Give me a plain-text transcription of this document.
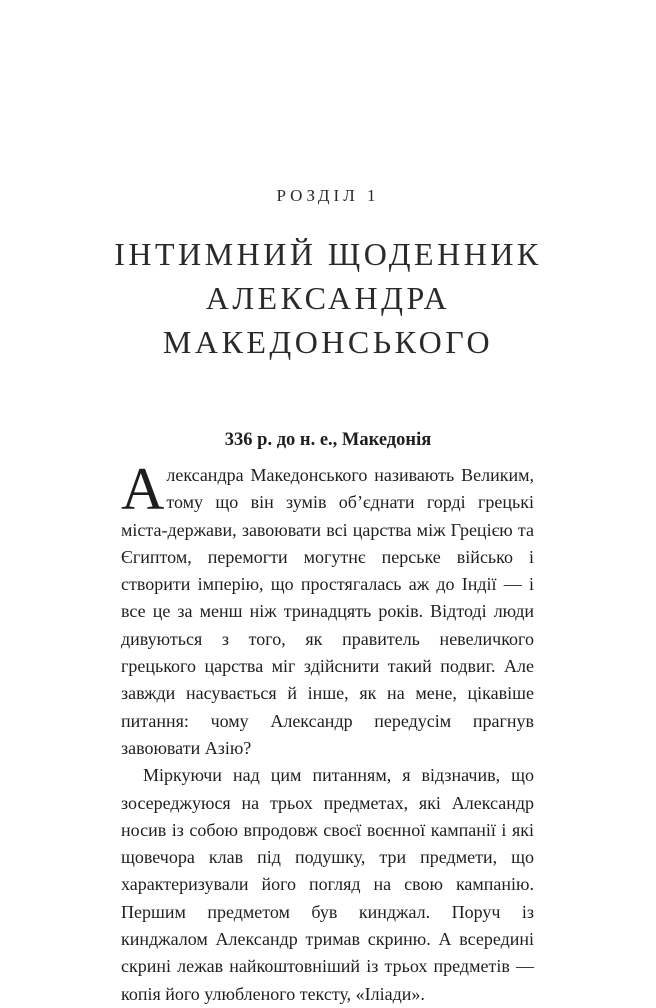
РОЗДІЛ 1
ІНТИМНИЙ ЩОДЕННИК
АЛЕКСАНДРА
МАКЕДОНСЬКОГО
336 р. до н. е., Македонія

Александра Македонського називають Великим, тому що він зумів об’єднати горді грецькі міста-держави, завоювати всі царства між Грецією та Єгиптом, перемогти могутнє перське військо і створити імперію, що простягалась аж до Індії — і все це за менш ніж тринадцять років. Відтоді люди дивуються з того, як правитель невеличкого грецького царства міг здійснити такий подвиг. Але завжди насувається й інше, як на мене, цікавіше питання: чому Александр передусім прагнув завоювати Азію?

Міркуючи над цим питанням, я відзначив, що зосереджуюся на трьох предметах, які Александр носив із собою впродовж своєї воєнної кампанії і які щовечора клав під подушку, три предмети, що характеризували його погляд на свою кампанію. Першим предметом був кинджал. Поруч із кинджалом Александр тримав скриню. А всередині скрині лежав найкоштовніший із трьох предметів — копія його улюбленого тексту, «Іліади».
